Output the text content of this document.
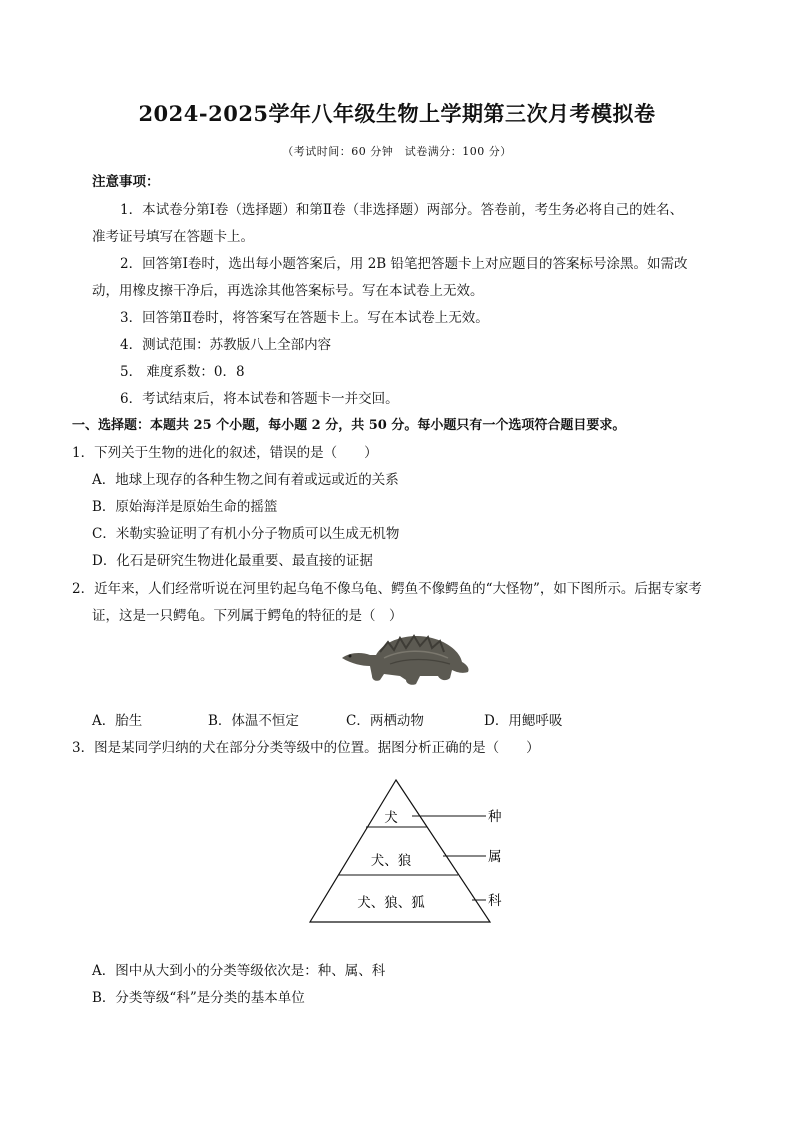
2024-2025学年八年级生物上学期第三次月考模拟卷
（考试时间：60 分钟　试卷满分：100 分）
注意事项：
1．本试卷分第Ⅰ卷（选择题）和第Ⅱ卷（非选择题）两部分。答卷前，考生务必将自己的姓名、
准考证号填写在答题卡上。
2．回答第Ⅰ卷时，选出每小题答案后，用 2B 铅笔把答题卡上对应题目的答案标号涂黑。如需改
动，用橡皮擦干净后，再选涂其他答案标号。写在本试卷上无效。
3．回答第Ⅱ卷时，将答案写在答题卡上。写在本试卷上无效。
4．测试范围：苏教版八上全部内容
5． 难度系数：0．8
6．考试结束后，将本试卷和答题卡一并交回。
一、选择题：本题共 25 个小题，每小题 2 分，共 50 分。每小题只有一个选项符合题目要求。
1．下列关于生物的进化的叙述，错误的是（　　）
A．地球上现存的各种生物之间有着或远或近的关系
B．原始海洋是原始生命的摇篮
C．米勒实验证明了有机小分子物质可以生成无机物
D．化石是研究生物进化最重要、最直接的证据
2．近年来，人们经常听说在河里钓起乌龟不像乌龟、鳄鱼不像鳄鱼的“大怪物”，如下图所示。后据专家考
证，这是一只鳄龟。下列属于鳄龟的特征的是（　）
A．胎生	B．体温不恒定	C．两栖动物	D．用鳃呼吸
3．图是某同学归纳的犬在部分分类等级中的位置。据图分析正确的是（　　）
犬
犬、狼
犬、狼、狐
种
属
科
A．图中从大到小的分类等级依次是：种、属、科
B．分类等级“科”是分类的基本单位
